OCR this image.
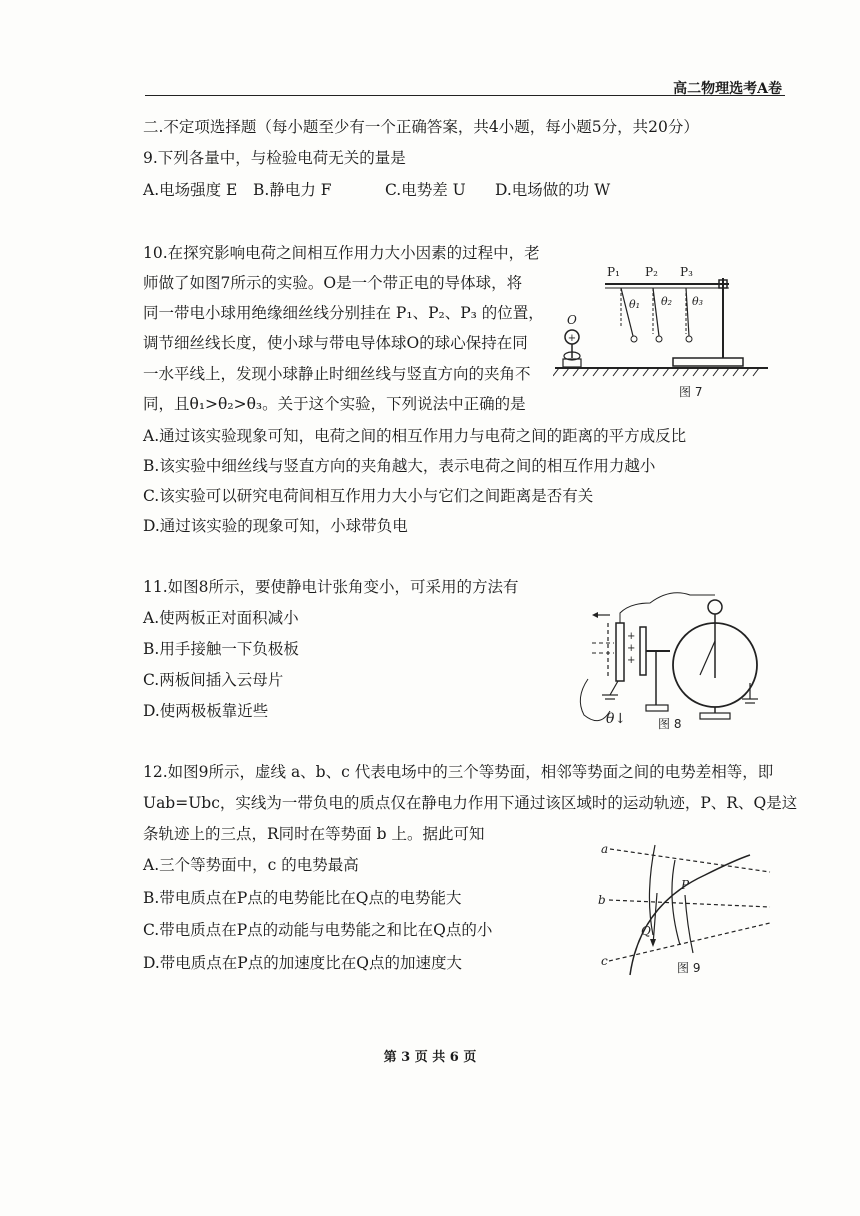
高二物理选考A卷
二.不定项选择题（每小题至少有一个正确答案，共4小题，每小题5分，共20分）
9.下列各量中，与检验电荷无关的量是
A.电场强度 E B.静电力 F	C.电势差 U D.电场做的功 W
10.在探究影响电荷之间相互作用力大小因素的过程中，老
师做了如图7所示的实验。O是一个带正电的导体球，将
同一带电小球用绝缘细丝线分别挂在 P₁、P₂、P₃ 的位置，
调节细丝线长度，使小球与带电导体球O的球心保持在同
一水平线上，发现小球静止时细丝线与竖直方向的夹角不
同，且θ₁>θ₂>θ₃。关于这个实验，下列说法中正确的是
A.通过该实验现象可知，电荷之间的相互作用力与电荷之间的距离的平方成反比
B.该实验中细丝线与竖直方向的夹角越大，表示电荷之间的相互作用力越小
C.该实验可以研究电荷间相互作用力大小与它们之间距离是否有关
D.通过该实验的现象可知，小球带负电
+
P₁ P₂ P₃
θ₁ θ₂ θ₃
O
图 7
11.如图8所示，要使静电计张角变小，可采用的方法有
A.使两板正对面积减小
B.用手接触一下负极板
C.两板间插入云母片
D.使两极板靠近些
+
+
+
θ↓	图 8
12.如图9所示，虚线 a、b、c 代表电场中的三个等势面，相邻等势面之间的电势差相等，即
Uab=Ubc，实线为一带负电的质点仅在静电力作用下通过该区域时的运动轨迹，P、R、Q是这
条轨迹上的三点，R同时在等势面 b 上。据此可知
A.三个等势面中，c 的电势最高
B.带电质点在P点的电势能比在Q点的电势能大
C.带电质点在P点的动能与电势能之和比在Q点的小
D.带电质点在P点的加速度比在Q点的加速度大
a
b
c
P
Q
图 9
第 3 页 共 6 页
